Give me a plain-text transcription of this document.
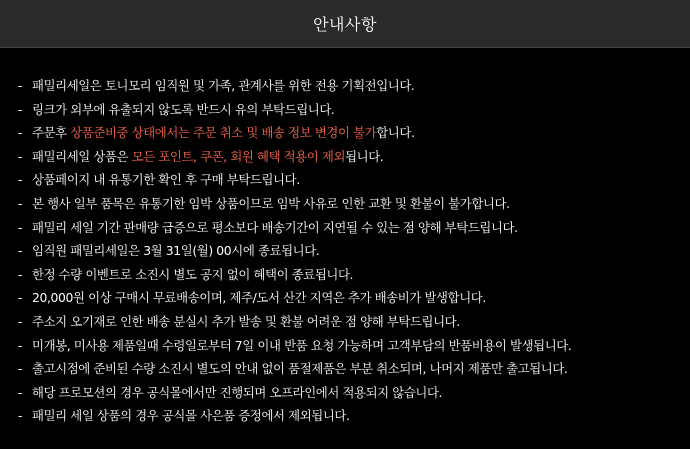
안내사항
- 패밀리세일은 토니모리 임직원 및 가족, 관계사를 위한 전용 기획전입니다.
- 링크가 외부에 유출되지 않도록 반드시 유의 부탁드립니다.
- 주문후 상품준비중 상태에서는 주문 취소 및 배송 정보 변경이 불가합니다.
- 패밀리세일 상품은 모든 포인트, 쿠폰, 회원 혜택 적용이 제외됩니다.
- 상품페이지 내 유통기한 확인 후 구매 부탁드립니다.
- 본 행사 일부 품목은 유통기한 임박 상품이므로 임박 사유로 인한 교환 및 환불이 불가합니다.
- 패밀리 세일 기간 판매량 급증으로 평소보다 배송기간이 지연될 수 있는 점 양해 부탁드립니다.
- 임직원 패밀리세일은 3월 31일(월) 00시에 종료됩니다.
- 한정 수량 이벤트로 소진시 별도 공지 없이 혜택이 종료됩니다.
- 20,000원 이상 구매시 무료배송이며, 제주/도서 산간 지역은 추가 배송비가 발생합니다.
- 주소지 오기재로 인한 배송 분실시 추가 발송 및 환불 어려운 점 양해 부탁드립니다.
- 미개봉, 미사용 제품일때 수령일로부터 7일 이내 반품 요청 가능하며 고객부담의 반품비용이 발생됩니다.
- 출고시점에 준비된 수량 소진시 별도의 안내 없이 품절제품은 부분 취소되며, 나머지 제품만 출고됩니다.
- 해당 프로모션의 경우 공식몰에서만 진행되며 오프라인에서 적용되지 않습니다.
- 패밀리 세일 상품의 경우 공식몰 사은품 증정에서 제외됩니다.
